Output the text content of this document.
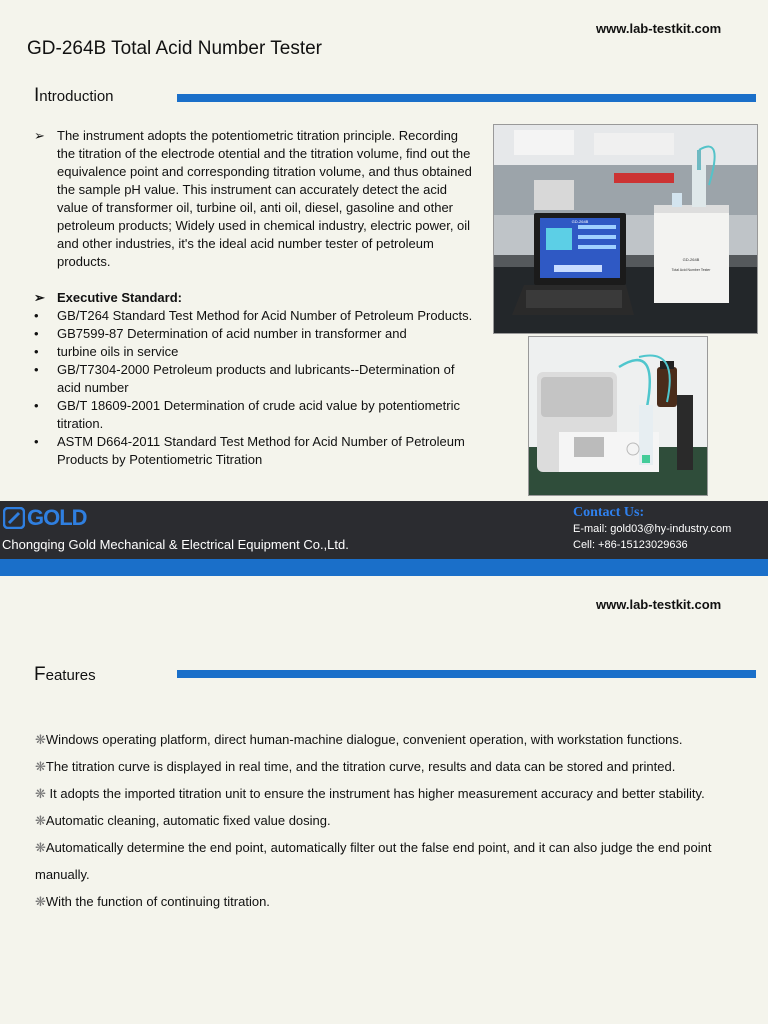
www.lab-testkit.com
GD-264B Total Acid Number Tester
Introduction
➢ The instrument adopts the potentiometric titration principle. Recording the titration of the electrode otential and the titration volume, find out the equivalence point and corresponding titration volume, and thus obtained the sample pH value. This instrument can accurately detect the acid value of transformer oil, turbine oil, anti oil, diesel, gasoline and other petroleum products; Widely used in chemical industry, electric power, oil and other industries, it's the ideal acid number tester of petroleum products.

➢ Executive Standard:
• GB/T264 Standard Test Method for Acid Number of Petroleum Products.
• GB7599-87 Determination of acid number in transformer and
• turbine oils in service
• GB/T7304-2000 Petroleum products and lubricants--Determination of acid number
• GB/T 18609-2001 Determination of crude acid value by potentiometric titration.
• ASTM D664-2011 Standard Test Method for Acid Number of Petroleum Products by Potentiometric Titration
GD-264B
GD-264B
Total Acid Number Tester
GOLD
Chongqing Gold Mechanical & Electrical Equipment Co.,Ltd.
Contact Us:
E-mail: gold03@hy-industry.com
Cell: +86-15123029636
www.lab-testkit.com
Features

❋Windows operating platform, direct human-machine dialogue, convenient operation, with workstation functions.

❋The titration curve is displayed in real time, and the titration curve, results and data can be stored and printed.

❋ It adopts the imported titration unit to ensure the instrument has higher measurement accuracy and better stability.

❋Automatic cleaning, automatic fixed value dosing.

❋Automatically determine the end point, automatically filter out the false end point, and it can also judge the end point manually.

❋With the function of continuing titration.
